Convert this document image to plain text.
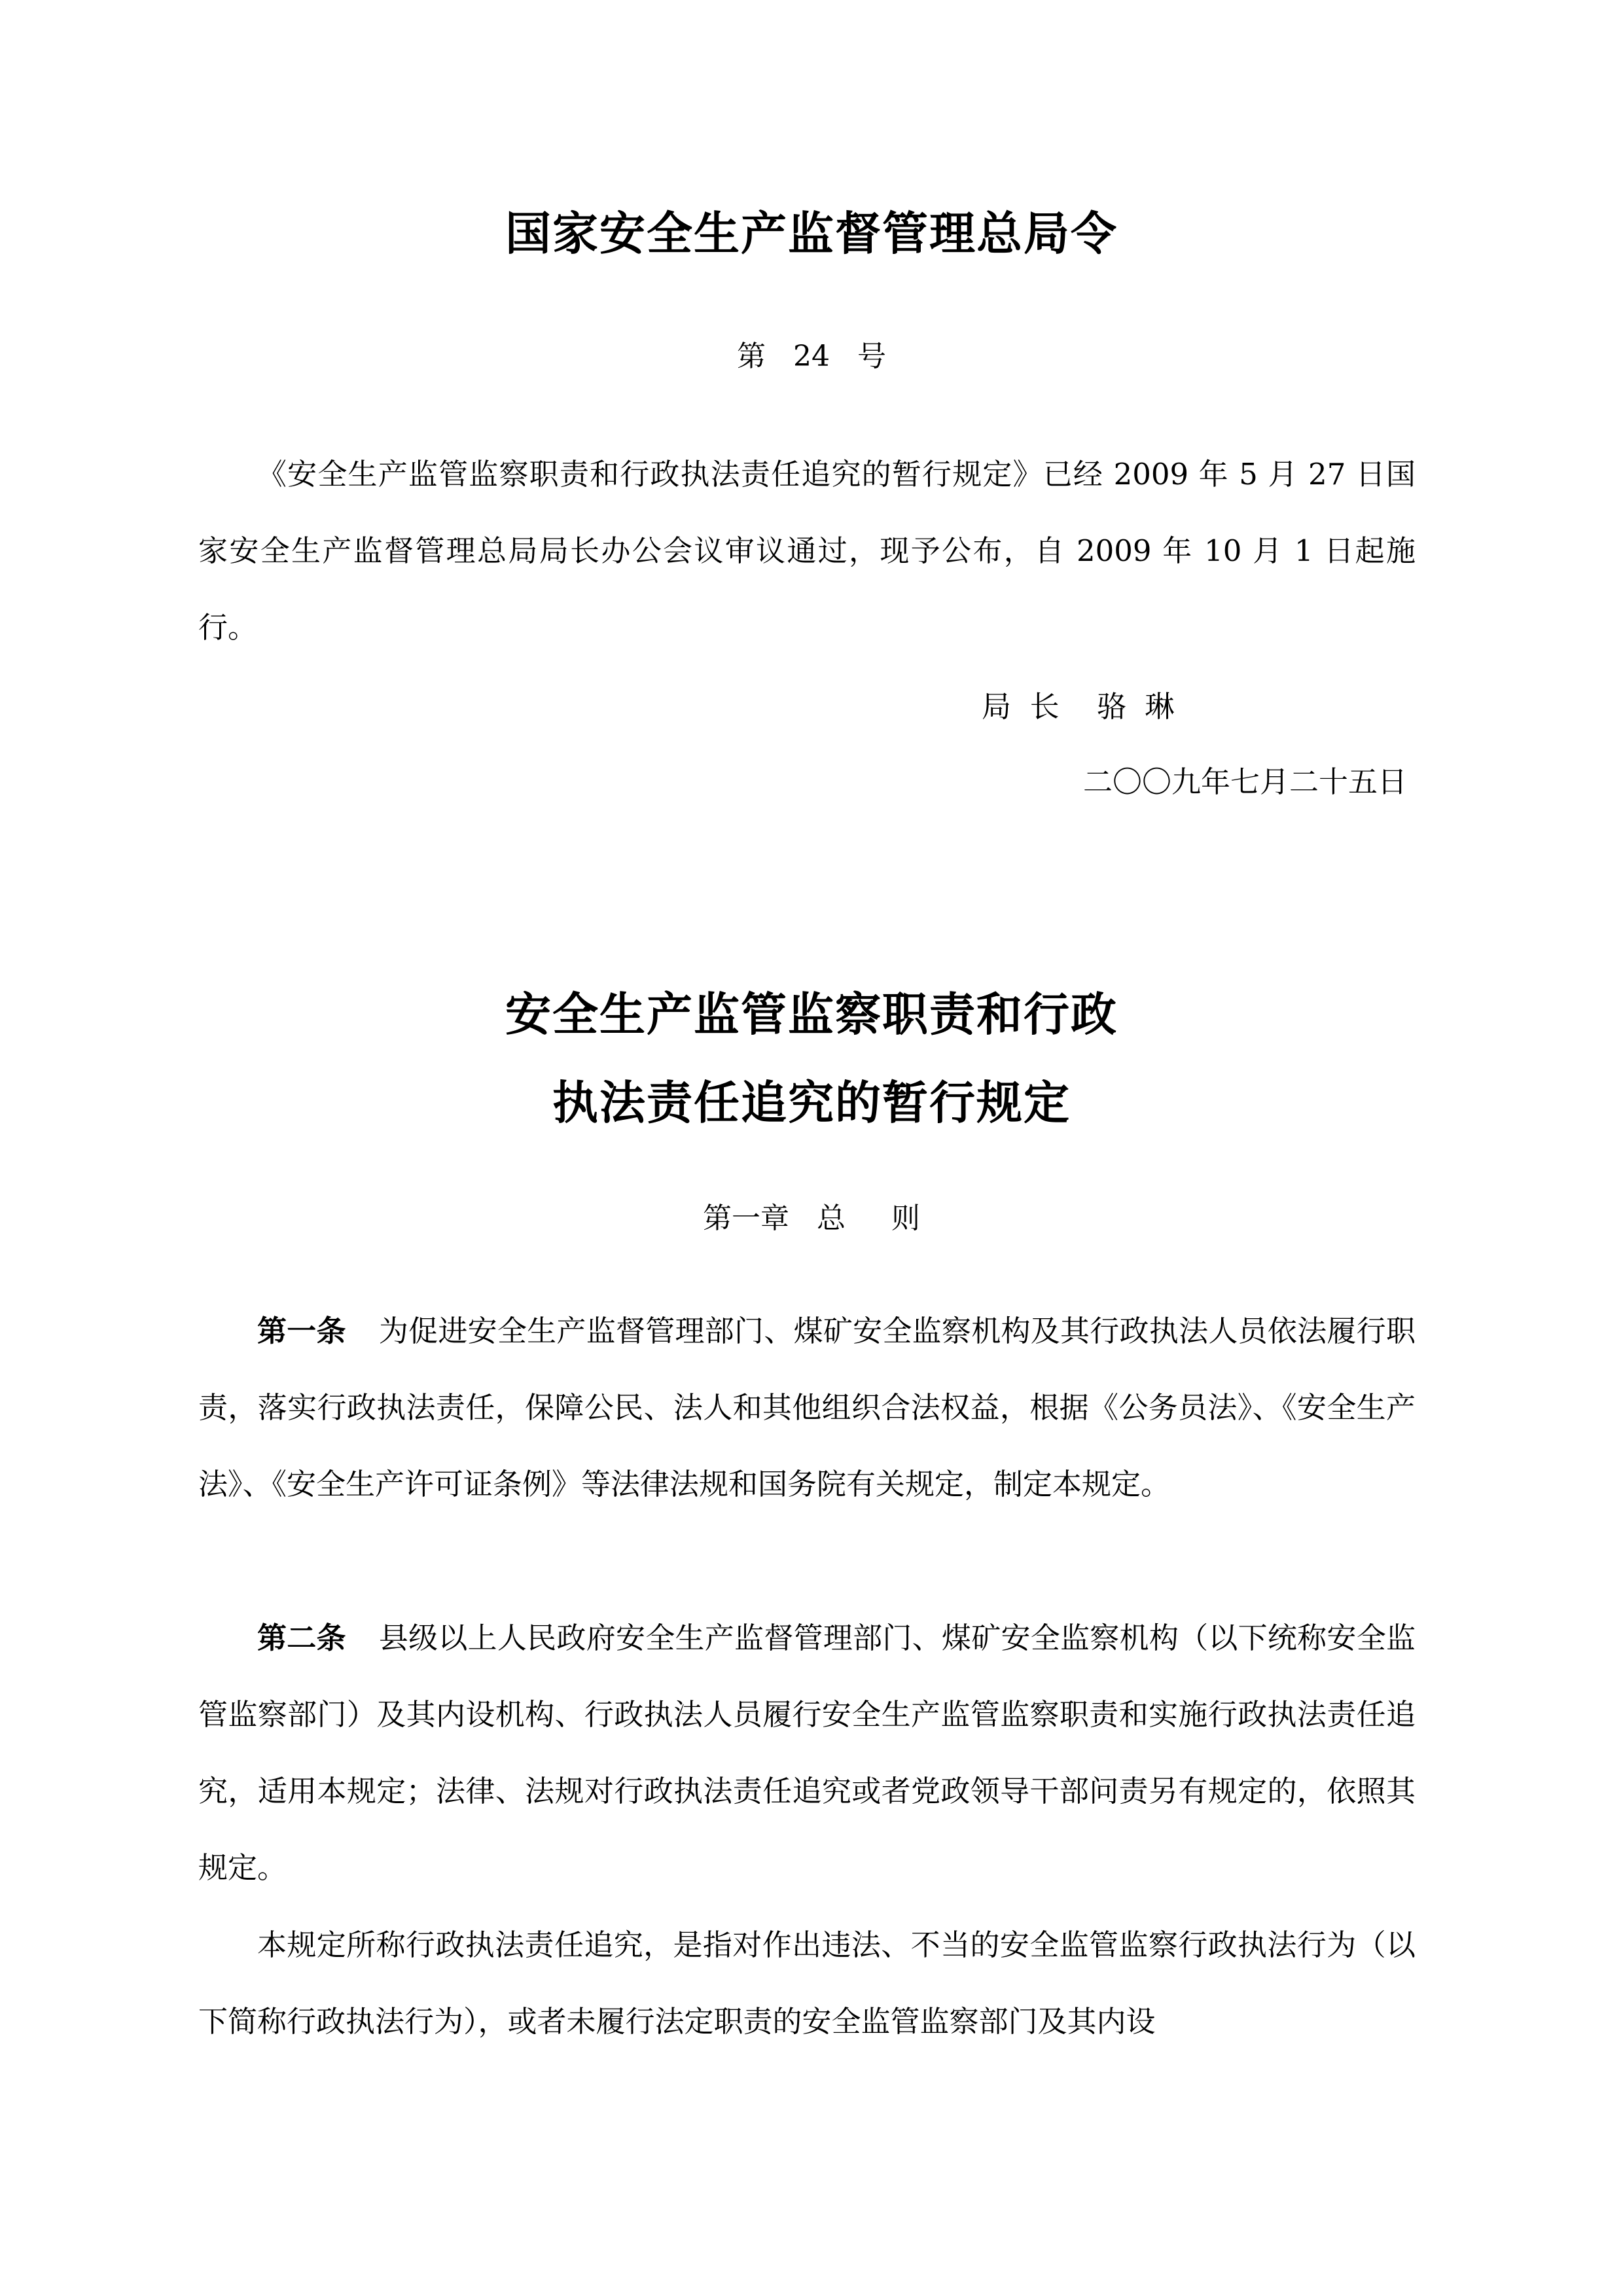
国家安全生产监督管理总局令
第   24   号

《安全生产监管监察职责和行政执法责任追究的暂行规定》已经 2009 年 5 月 27 日国家安全生产监督管理总局局长办公会议审议通过，现予公布，自 2009 年 10 月 1 日起施行。

局  长    骆  琳
二〇〇九年七月二十五日
安全生产监管监察职责和行政
执法责任追究的暂行规定
第一章   总     则

第一条 为促进安全生产监督管理部门、煤矿安全监察机构及其行政执法人员依法履行职责，落实行政执法责任，保障公民、法人和其他组织合法权益，根据《公务员法》、《安全生产法》、《安全生产许可证条例》等法律法规和国务院有关规定，制定本规定。

第二条 县级以上人民政府安全生产监督管理部门、煤矿安全监察机构（以下统称安全监管监察部门）及其内设机构、行政执法人员履行安全生产监管监察职责和实施行政执法责任追究，适用本规定；法律、法规对行政执法责任追究或者党政领导干部问责另有规定的，依照其规定。

本规定所称行政执法责任追究，是指对作出违法、不当的安全监管监察行政执法行为（以下简称行政执法行为），或者未履行法定职责的安全监管监察部门及其内设
